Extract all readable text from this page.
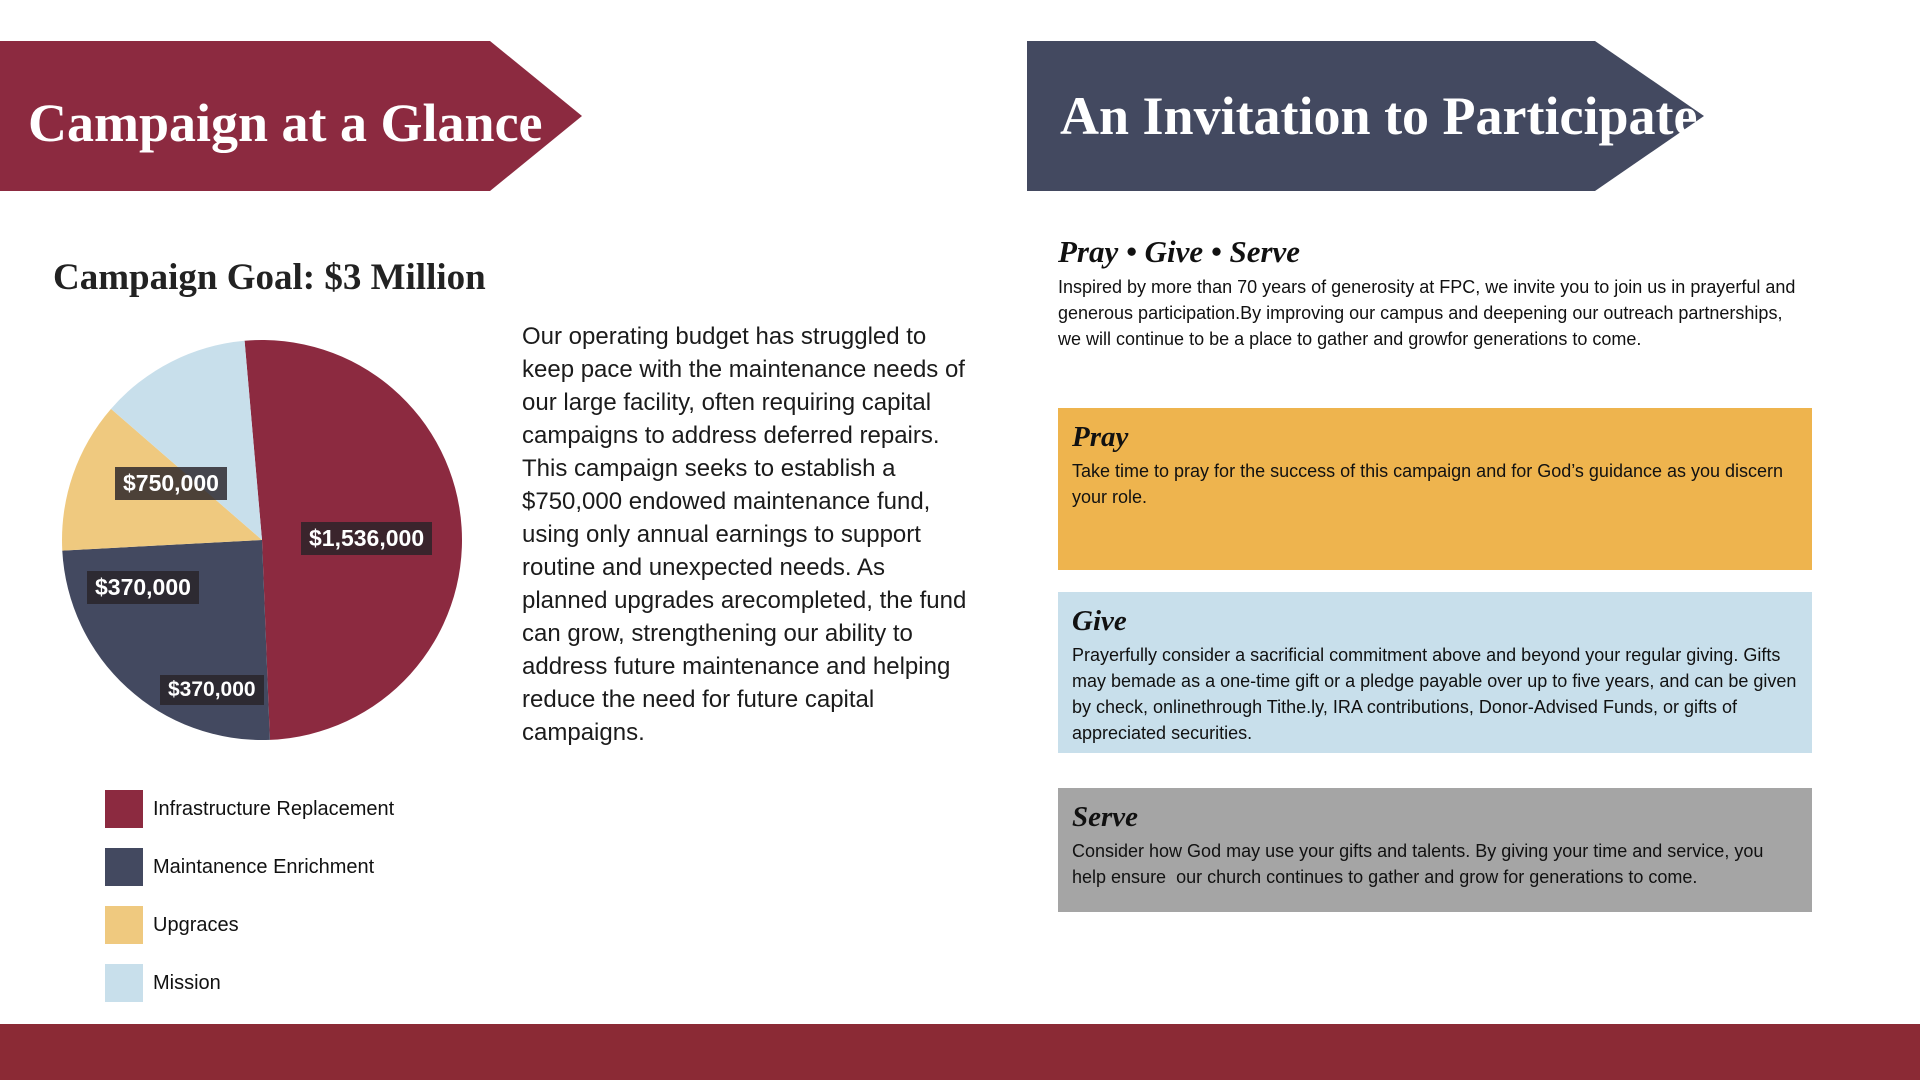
Campaign at a Glance	An Invitation to Participate
Campaign Goal: $3 Million
$1,536,000
$750,000
$370,000
$370,000
Infrastructure Replacement
Maintanence Enrichment
Upgraces
Mission
Our operating budget has struggled to keep pace with the maintenance needs of our large facility, often requiring capital campaigns to address deferred repairs. This campaign seeks to establish a $750,000 endowed maintenance fund, using only annual earnings to support routine and unexpected needs. As planned upgrades arecompleted, the fund can grow, strengthening our ability to address future maintenance and helping reduce the need for future capital campaigns.
Pray • Give • Serve
Inspired by more than 70 years of generosity at FPC, we invite you to join us in prayerful and generous participation.By improving our campus and deepening our outreach partnerships, we will continue to be a place to gather and growfor generations to come.
Pray
Take time to pray for the success of this campaign and for God’s guidance as you discern your role.
Give
Prayerfully consider a sacrificial commitment above and beyond your regular giving. Gifts may bemade as a one-time gift or a pledge payable over up to five years, and can be given by check, onlinethrough Tithe.ly, IRA contributions, Donor-Advised Funds, or gifts of appreciated securities.
Serve
Consider how God may use your gifts and talents. By giving your time and service, you help ensure  our church continues to gather and grow for generations to come.
